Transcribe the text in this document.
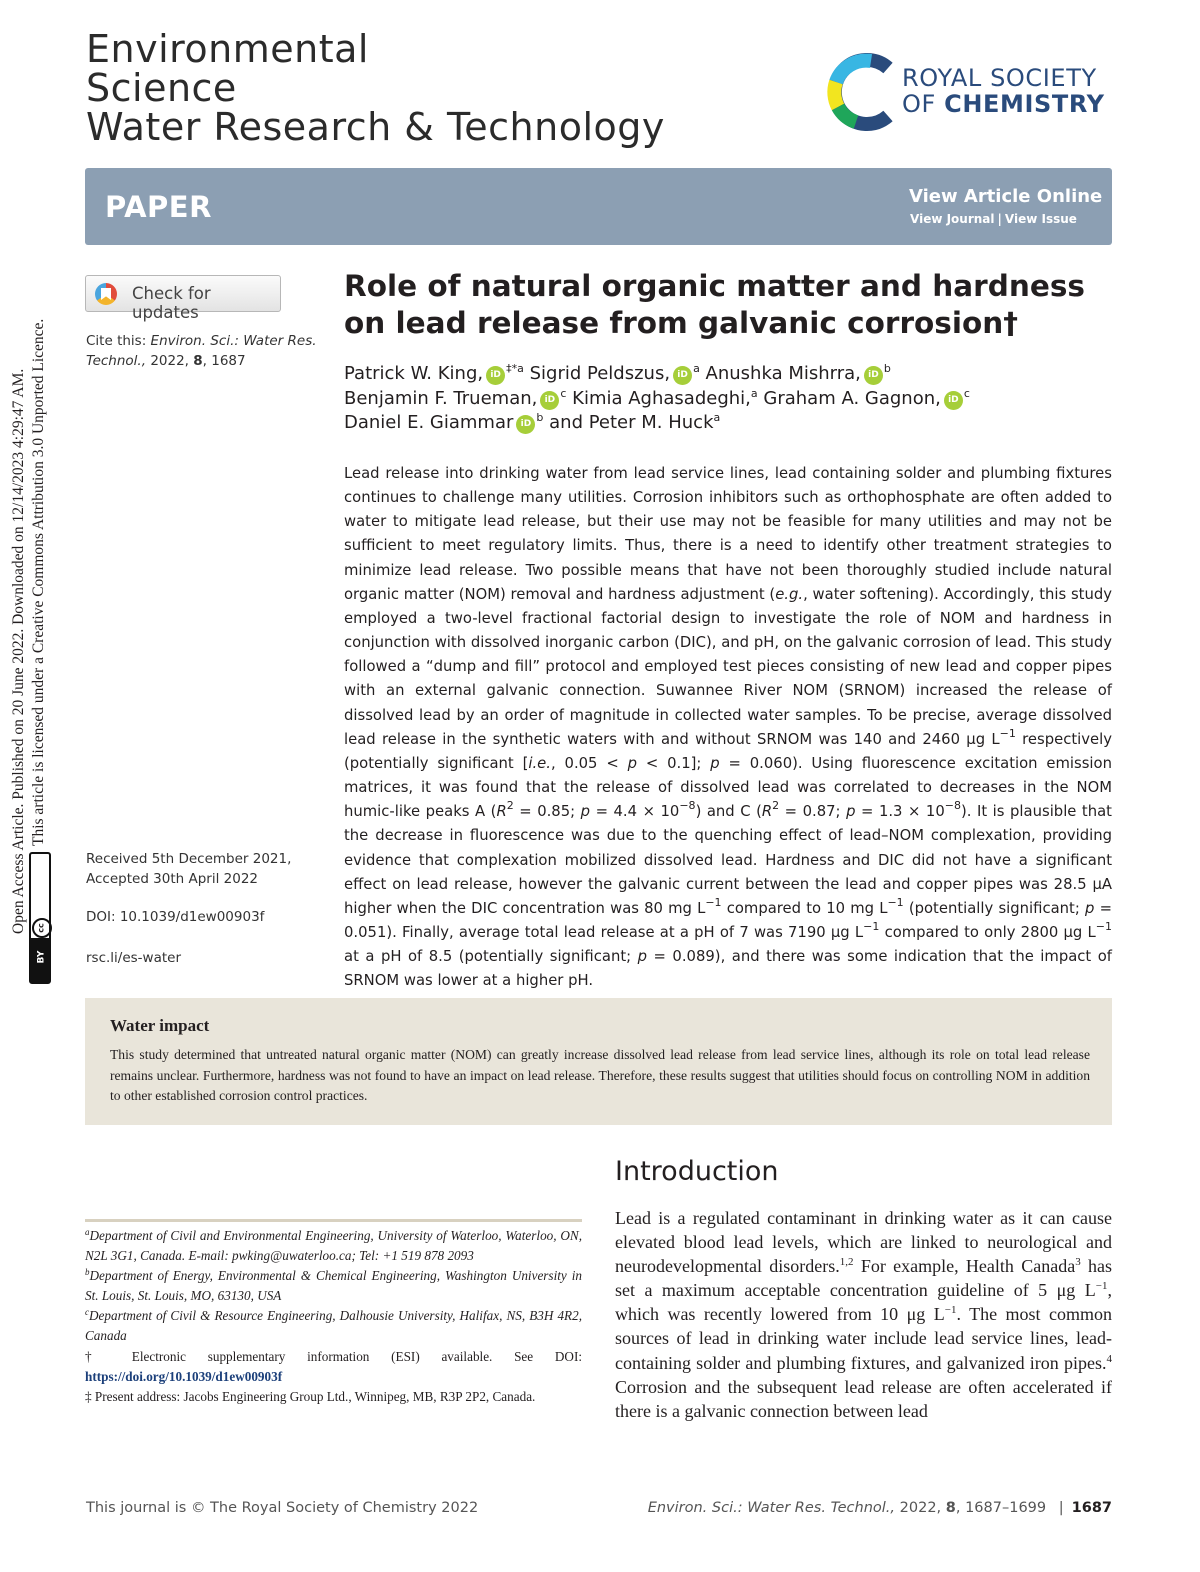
Open Access Article. Published on 20 June 2022. Downloaded on 12/14/2023 4:29:47 AM. This article is licensed under a Creative Commons Attribution 3.0 Unported Licence.
cc
BY
Environmental
Science
Water Research & Technology
ROYAL SOCIETY
OF CHEMISTRY
PAPER	View Article Online
View Journal | View Issue
Check for updates
Cite this: Environ. Sci.: Water Res. Technol., 2022, 8, 1687
Received 5th December 2021,
Accepted 30th April 2022
DOI: 10.1039/d1ew00903f
rsc.li/es-water
Role of natural organic matter and hardness on lead release from galvanic corrosion†
Patrick W. King, iD $^{\ddagger*a}$ Sigrid Peldszus, iD $^a$ Anushka Mishrra, iD $^b$
Benjamin F. Trueman, iD $^c$ Kimia Aghasadeghi,$^a$ Graham A. Gagnon, iD $^c$
Daniel E. Giammar iD $^b$ and Peter M. Huck$^a$
Lead release into drinking water from lead service lines, lead containing solder and plumbing fixtures continues to challenge many utilities. Corrosion inhibitors such as orthophosphate are often added to water to mitigate lead release, but their use may not be feasible for many utilities and may not be sufficient to meet regulatory limits. Thus, there is a need to identify other treatment strategies to minimize lead release. Two possible means that have not been thoroughly studied include natural organic matter (NOM) removal and hardness adjustment (e.g., water softening). Accordingly, this study employed a two-level fractional factorial design to investigate the role of NOM and hardness in conjunction with dissolved inorganic carbon (DIC), and pH, on the galvanic corrosion of lead. This study followed a “dump and fill” protocol and employed test pieces consisting of new lead and copper pipes with an external galvanic connection. Suwannee River NOM (SRNOM) increased the release of dissolved lead by an order of magnitude in collected water samples. To be precise, average dissolved lead release in the synthetic waters with and without SRNOM was 140 and 2460 μg $L^{-1}$ respectively (potentially significant [i.e., 0.05 < p < 0.1]; p = 0.060). Using fluorescence excitation emission matrices, it was found that the release of dissolved lead was correlated to decreases in the NOM humic-like peaks A ($R^2 = 0.85$; $p = 4.4 \times 10^{-8}$) and C ($R^2 = 0.87$; $p = 1.3 \times 10^{-8}$). It is plausible that the decrease in fluorescence was due to the quenching effect of lead–NOM complexation, providing evidence that complexation mobilized dissolved lead. Hardness and DIC did not have a significant effect on lead release, however the galvanic current between the lead and copper pipes was 28.5 μA higher when the DIC concentration was 80 mg $L^{-1}$ compared to 10 mg $L^{-1}$ (potentially significant; p = 0.051). Finally, average total lead release at a pH of 7 was 7190 μg $L^{-1}$ compared to only 2800 μg $L^{-1}$ at a pH of 8.5 (potentially significant; p = 0.089), and there was some indication that the impact of SRNOM was lower at a higher pH.
Water impact
This study determined that untreated natural organic matter (NOM) can greatly increase dissolved lead release from lead service lines, although its role on total lead release remains unclear. Furthermore, hardness was not found to have an impact on lead release. Therefore, these results suggest that utilities should focus on controlling NOM in addition to other established corrosion control practices.

$^a$Department of Civil and Environmental Engineering, University of Waterloo, Waterloo, ON, N2L 3G1, Canada. E-mail: pwking@uwaterloo.ca; Tel: +1 519 878 2093

$^b$Department of Energy, Environmental & Chemical Engineering, Washington University in St. Louis, St. Louis, MO, 63130, USA

$^c$Department of Civil & Resource Engineering, Dalhousie University, Halifax, NS, B3H 4R2, Canada

† Electronic supplementary information (ESI) available. See DOI: https://doi.org/10.1039/d1ew00903f

‡ Present address: Jacobs Engineering Group Ltd., Winnipeg, MB, R3P 2P2, Canada.

Introduction
Lead is a regulated contaminant in drinking water as it can cause elevated blood lead levels, which are linked to neurological and neurodevelopmental disorders.$^{1,2}$ For example, Health Canada$^3$ has set a maximum acceptable concentration guideline of 5 μg $L^{-1}$, which was recently lowered from 10 μg $L^{-1}$. The most common sources of lead in drinking water include lead service lines, lead-containing solder and plumbing fixtures, and galvanized iron pipes.$^4$ Corrosion and the subsequent lead release are often accelerated if there is a galvanic connection between lead
This journal is © The Royal Society of Chemistry 2022	Environ. Sci.: Water Res. Technol., 2022, 8, 1687–1699 | 1687
